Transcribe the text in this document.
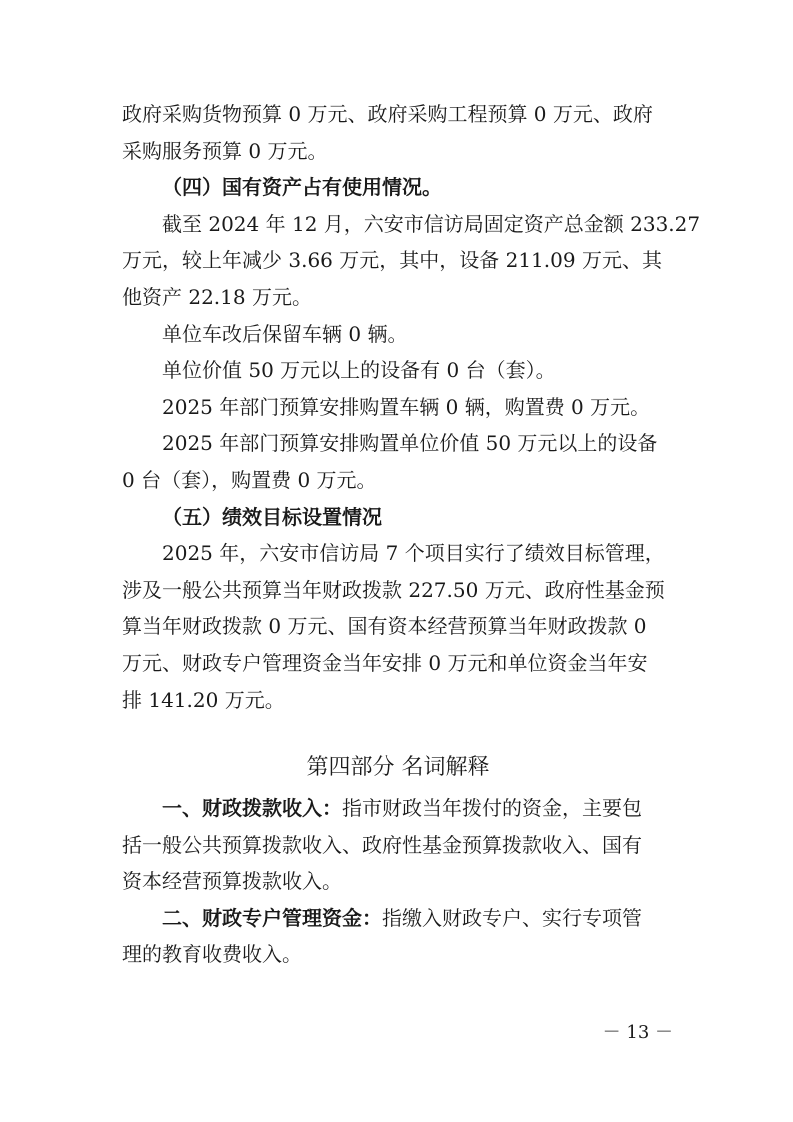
政府采购货物预算 0 万元、政府采购工程预算 0 万元、政府
采购服务预算 0 万元。
（四）国有资产占有使用情况。
截至 2024 年 12 月，六安市信访局固定资产总金额 233.27
万元，较上年减少 3.66 万元，其中，设备 211.09 万元、其
他资产 22.18 万元。
单位车改后保留车辆 0 辆。
单位价值 50 万元以上的设备有 0 台（套）。
2025 年部门预算安排购置车辆 0 辆，购置费 0 万元。
2025 年部门预算安排购置单位价值 50 万元以上的设备
0 台（套），购置费 0 万元。
（五）绩效目标设置情况
2025 年，六安市信访局 7 个项目实行了绩效目标管理，
涉及一般公共预算当年财政拨款 227.50 万元、政府性基金预
算当年财政拨款 0 万元、国有资本经营预算当年财政拨款 0
万元、财政专户管理资金当年安排 0 万元和单位资金当年安
排 141.20 万元。
第四部分 名词解释
一、财政拨款收入：指市财政当年拨付的资金，主要包
括一般公共预算拨款收入、政府性基金预算拨款收入、国有
资本经营预算拨款收入。
二、财政专户管理资金：指缴入财政专户、实行专项管
理的教育收费收入。
－ 13 －
